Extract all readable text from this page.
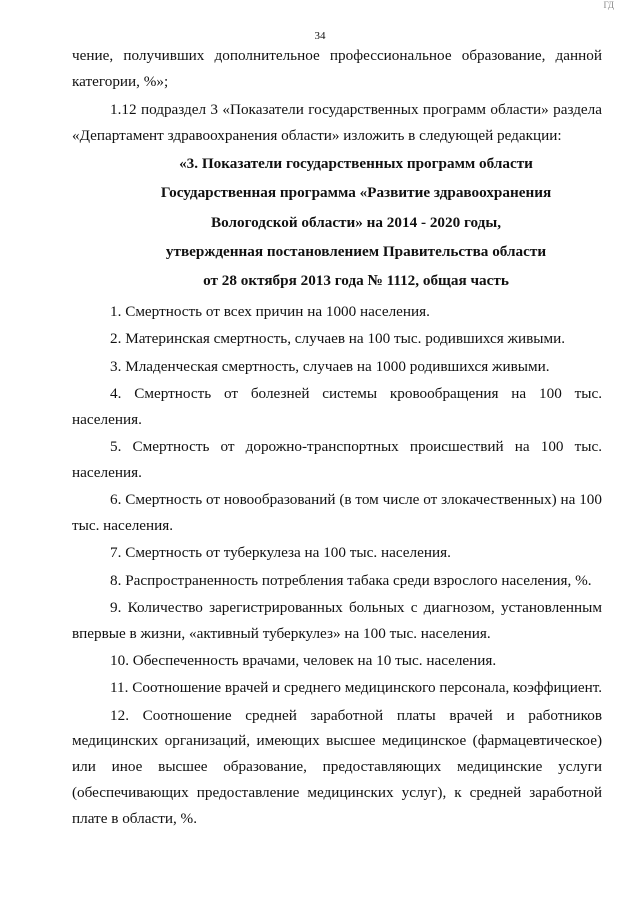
ГД
34

чение, получивших дополнительное профессиональное образование, данной категории, %»;

1.12 подраздел 3 «Показатели государственных программ области» раздела «Департамент здравоохранения области» изложить в следующей редакции:

«3. Показатели государственных программ области

Государственная программа «Развитие здравоохранения

Вологодской области» на 2014 - 2020 годы,

утвержденная постановлением Правительства области

от 28 октября 2013 года № 1112, общая часть

1. Смертность от всех причин на 1000 населения.
2. Материнская смертность, случаев на 100 тыс. родившихся живыми.
3. Младенческая смертность, случаев на 1000 родившихся живыми.
4. Смертность от болезней системы кровообращения на 100 тыс. населения.
5. Смертность от дорожно-транспортных происшествий на 100 тыс. населения.
6. Смертность от новообразований (в том числе от злокачественных) на 100 тыс. населения.
7. Смертность от туберкулеза на 100 тыс. населения.
8. Распространенность потребления табака среди взрослого населения, %.
9. Количество зарегистрированных больных с диагнозом, установленным впервые в жизни, «активный туберкулез» на 100 тыс. населения.
10. Обеспеченность врачами, человек на 10 тыс. населения.
11. Соотношение врачей и среднего медицинского персонала, коэффициент.
12. Соотношение средней заработной платы врачей и работников медицинских организаций, имеющих высшее медицинское (фармацевтическое) или иное высшее образование, предоставляющих медицинские услуги (обеспечивающих предоставление медицинских услуг), к средней заработной плате в области, %.
